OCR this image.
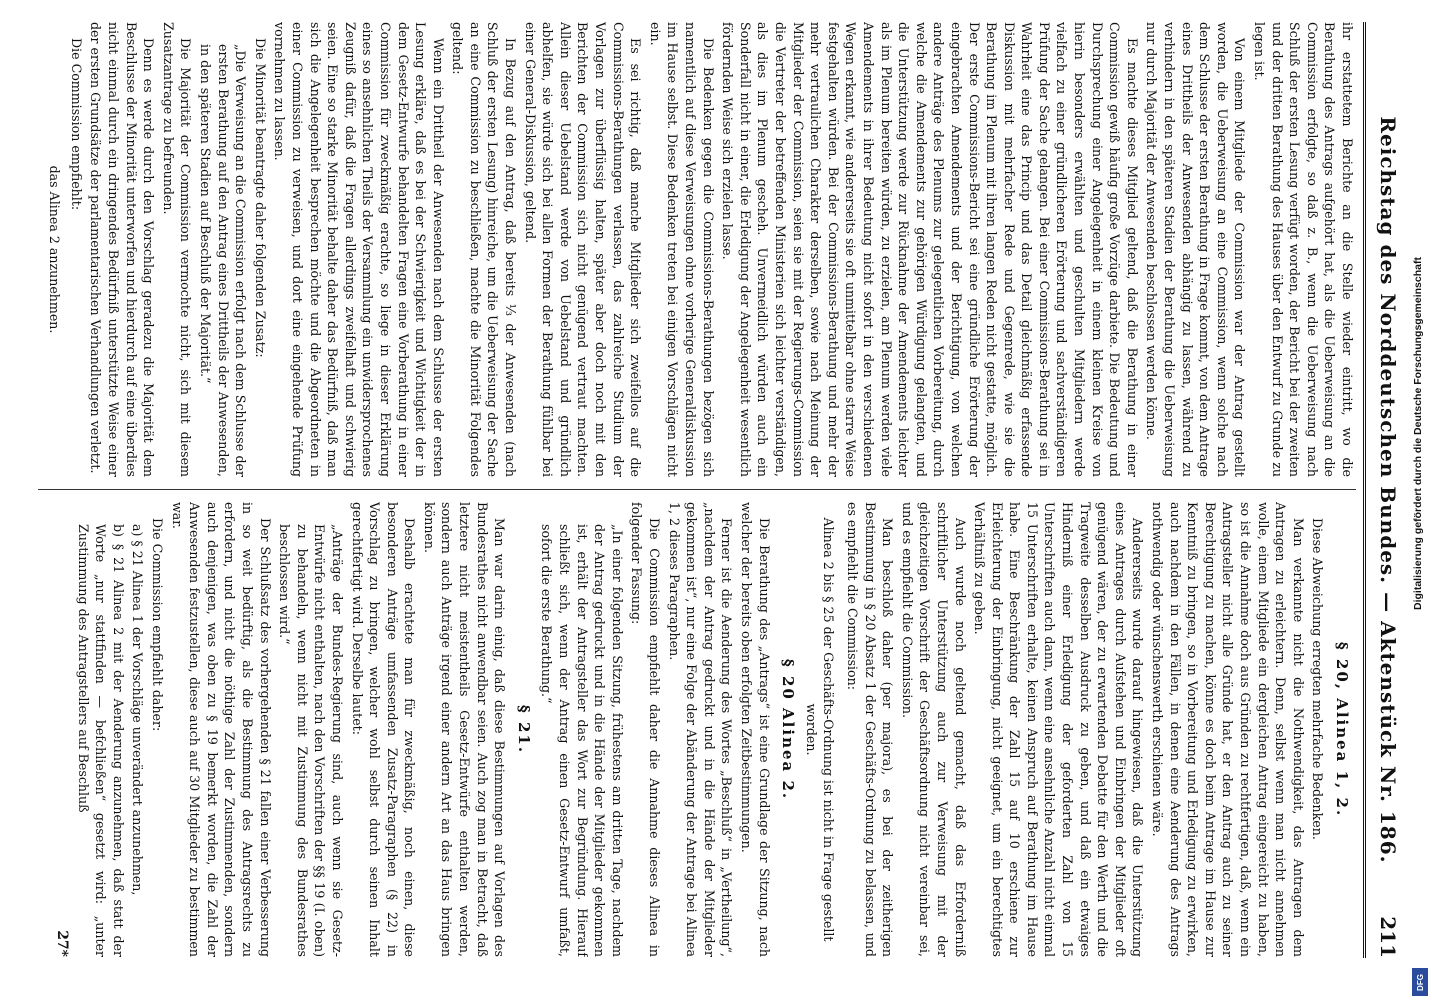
Reichstag des Norddeutschen Bundes. — Aktenstück Nr. 186.
211

ihr erstattetem Berichte an die Stelle wieder eintritt, wo die Berathung des Antrags aufgehört hat, als die Ueberweisung an die Commission erfolgte, so daß z. B., wenn die Ueberweisung nach Schluß der ersten Lesung verfügt worden, der Bericht bei der zweiten und der dritten Berathung des Hauses über den Entwurf zu Grunde zu legen ist.

Von einem Mitgliede der Commission war der Antrag gestellt worden, die Ueberweisung an eine Commission, wenn solche nach dem Schlusse der ersten Berathung in Frage kommt, von dem Antrage eines Drittheils der Anwesenden abhängig zu lassen, während zu verhindern in den späteren Stadien der Berathung die Ueberweisung nur durch Majorität der Anwesenden beschlossen werden könne.

Es machte dieses Mitglied geltend, daß die Berathung in einer Commission gewiß häufig große Vorzüge darbiete. Die Bedeutung und Durchsprechung einer Angelegenheit in einem kleinen Kreise von hierin besonders erwählten und geschulten Mitgliedern werde vielfach zu einer gründlicheren Erörterung und sachverständigeren Prüfung der Sache gelangen. Bei einer Commissions-Berathung sei in Wahrheit eine das Princip und das Detail gleichmäßig erfassende Diskussion mit mehrfacher Rede und Gegenrede, wie sie die Berathung im Plenum mit ihren langen Reden nicht gestatte, möglich. Der erste Commissions-Bericht sei eine gründliche Erörterung der eingebrachten Amendements und der Berichtigung, von welchen andere Anträge des Plenums zur gelegentlichen Vorbereitung, durch welche die Amendements zur gehörigen Würdigung gelangten, und die Unterstützung werde zur Rücknahme der Amendements leichter als im Plenum bereiten würden, zu erzielen, am Plenum werden viele Amendements in ihrer Bedeutung nicht sofort in den verschiedenen Wegen erkannt, wie andererseits sie oft unmittelbar ohne starre Weise festgehalten würden. Bei der Commissions-Berathung und mehr der mehr vertraulichen Charakter derselben, sowie nach Meinung der Mitglieder der Commission, seien sie mit der Regierungs-Commission die Vertreter der betreffenden Ministerien sich leichter verständigen, als dies im Plenum gescheh. Unvermeidlich würden auch ein Sonderfall nicht in einer, die Erledigung der Angelegenheit wesentlich fördernden Weise sich erzielen lasse.

Die Bedenken gegen die Commissions-Berathungen bezögen sich namentlich auf diese Verweisungen ohne vorherige Generaldiskussion im Hause selbst. Diese Bedenken treten bei einigen Vorschlägen nicht ein.

Es sei richtig, daß manche Mitglieder sich zweifellos auf die Commissions-Berathungen verlassen, das zahlreiche Studium der Vorlagen zur überflüssig halten, später aber doch noch mit den Berichten der Commission sich nicht genügend vertraut machten. Allein dieser Uebelstand werde von Uebelstand und gründlich abhelfen, sie würde sich bei allen Formen der Berathung fühlbar bei einer General-Diskussion, geltend.

In Bezug auf den Antrag, daß bereits ⅓ der Anwesenden (nach Schluß der ersten Lesung) hinreiche, um die Ueberweisung der Sache an eine Commission zu beschließen, machte die Minorität Folgendes geltend:

Wenn ein Drittheil der Anwesenden nach dem Schlusse der ersten Lesung erkläre, daß es bei der Schwierigkeit und Wichtigkeit der in dem Gesetz-Entwurfe behandelten Fragen eine Vorberathung in einer Commission für zweckmäßig erachte, so liege in dieser Erklärung eines so ansehnlichen Theils der Versammlung ein unwidersprochenes Zeugniß dafür, daß die Fragen allerdings zweifelhaft und schwierig seien. Eine so starke Minorität behalte daher das Bedürfniß, daß man sich die Angelegenheit besprechen möchte und die Abgeordneten in einer Commission zu verweisen, und dort eine eingehende Prüfung vornehmen zu lassen.

Die Minorität beantragte daher folgenden Zusatz:

„Die Verweisung an die Commission erfolgt nach dem Schlusse der ersten Berathung auf den Antrag eines Drittheils der Anwesenden, in den späteren Stadien auf Beschluß der Majorität.“

Die Majorität der Commission vermochte nicht, sich mit diesem Zusatzantrage zu befreunden.

Denn es werde durch den Vorschlag geradezu die Majorität dem Beschlusse der Minorität unterworfen und hierdurch auf eine überdies nicht einmal durch ein dringendes Bedürfniß unterstützte Weise einer der ersten Grundsätze der parlamentarischen Verhandlungen verletzt.

Die Commission empfiehlt:

das Alinea 2 anzunehmen.

§ 20, Alinea 1, 2.

Diese Abweichung erregten mehrfache Bedenken.

Man verkannte nicht die Nothwendigkeit, das Antragen dem Antragen zu erleichtern. Denn, selbst wenn man nicht annehmen wolle, einem Mitgliede ein dergleichen Antrag eingereicht zu haben, so ist die Annahme doch aus Gründen zu rechtfertigen, daß, wenn ein Antragsteller nicht alle Gründe hat, er den Antrag auch zu seiner Berechtigung zu machen, könne es doch beim Antrage im Hause zur Kenntniß zu bringen, so in Vorbereitung und Erledigung zu erwirken, auch nachdem in den Fällen, in denen eine Aenderung des Antrags nothwendig oder wünschenswerth erschienen wäre.

Andererseits wurde darauf hingewiesen, daß die Unterstützung eines Antrages durch Aufstehen und Einbringen der Mitglieder oft genügend wären, der zu erwartenden Debatte für den Werth und die Tragweite desselben Ausdruck zu geben, und daß ein etwaiges Hinderniß einer Erledigung der geforderten Zahl von 15 Unterschriften auch dann, wenn eine ansehnliche Anzahl nicht einmal 15 Unterschriften erhalte, keinen Anspruch auf Berathung im Hause habe. Eine Beschränkung der Zahl 15 auf 10 erschiene zur Erleichterung der Einbringung, nicht geeignet, um ein berechtigtes Verhältniß zu geben.

Auch wurde noch geltend gemacht, daß das Erforderniß schriftlicher Unterstützung auch zur Verweisung mit der gleichzeitigen Vorschrift der Geschäftsordnung nicht vereinbar sei, und es empfiehlt die Commission.

Man beschloß daher (per majora), es bei der zeitherigen Bestimmung in § 20 Absatz 1 der Geschäfts-Ordnung zu belassen, und es empfiehlt die Commission:

Alinea 2 bis § 25 der Geschäfts-Ordnung ist nicht in Frage gestellt worden.

§ 20 Alinea 2.

Die Berathung des „Antrags“ ist eine Grundlage der Sitzung, nach welcher der bereits oben erfolgten Zeitbestimmungen.

Ferner ist die Aenderung des Wortes „Beschluß“ in „Vertheilung“, „nachdem der Antrag gedruckt und in die Hände der Mitglieder gekommen ist“, nur eine Folge der Abänderung der Antrage bei Alinea 1, 2 dieses Paragraphen.

Die Commission empfiehlt daher die Annahme dieses Alinea in folgender Fassung:

„In einer folgenden Sitzung, frühestens am dritten Tage, nachdem der Antrag gedruckt und in die Hände der Mitglieder gekommen ist, erhält der Antragsteller das Wort zur Begründung. Hierauf schließt sich, wenn der Antrag einen Gesetz-Entwurf umfaßt, sofort die erste Berathung.“

§ 21.

Man war darin einig, daß diese Bestimmungen auf Vorlagen des Bundesrathes nicht anwendbar seien. Auch zog man in Betracht, daß letztere nicht meistentheils Gesetz-Entwürfe enthalten werden, sondern auch Anträge irgend einer andern Art an das Haus bringen können.

Deshalb erachtete man für zweckmäßig, noch einen, diese besonderen Anträge umfassenden Zusatz-Paragraphen (§ 22) in Vorschlag zu bringen, welcher wohl selbst durch seinen Inhalt gerechtfertigt wird. Derselbe lautet:

„Anträge der Bundes-Regierung sind, auch wenn sie Gesetz-Entwürfe nicht enthalten, nach den Vorschriften der §§ 19 (I. oben) zu behandeln, wenn nicht mit Zustimmung des Bundesrathes beschlossen wird.“

Der Schlußsatz des vorhergehenden § 21 fallen einer Verbesserung in so weit bedürftig, als die Bestimmung des Antragsrechts zu erfordern, und nicht die nöthige Zahl der Zustimmenden, sondern auch denjenigen, was oben zu § 19 bemerkt worden, die Zahl der Anwesenden festzustellen, diese auch auf 30 Mitglieder zu bestimmen war.

Die Commission empfiehlt daher:

a) § 21 Alinea 1 der Vorschläge unverändert anzunehmen,

b) § 21 Alinea 2 mit der Aenderung anzunehmen, daß statt der Worte „nur stattfinden — befchließen“ gesetzt wird: „unter Zustimmung des Antragstellers auf Beschluß

27*
Digitalisierung gefördert durch die Deutsche Forschungsgemeinschaft
DFG
